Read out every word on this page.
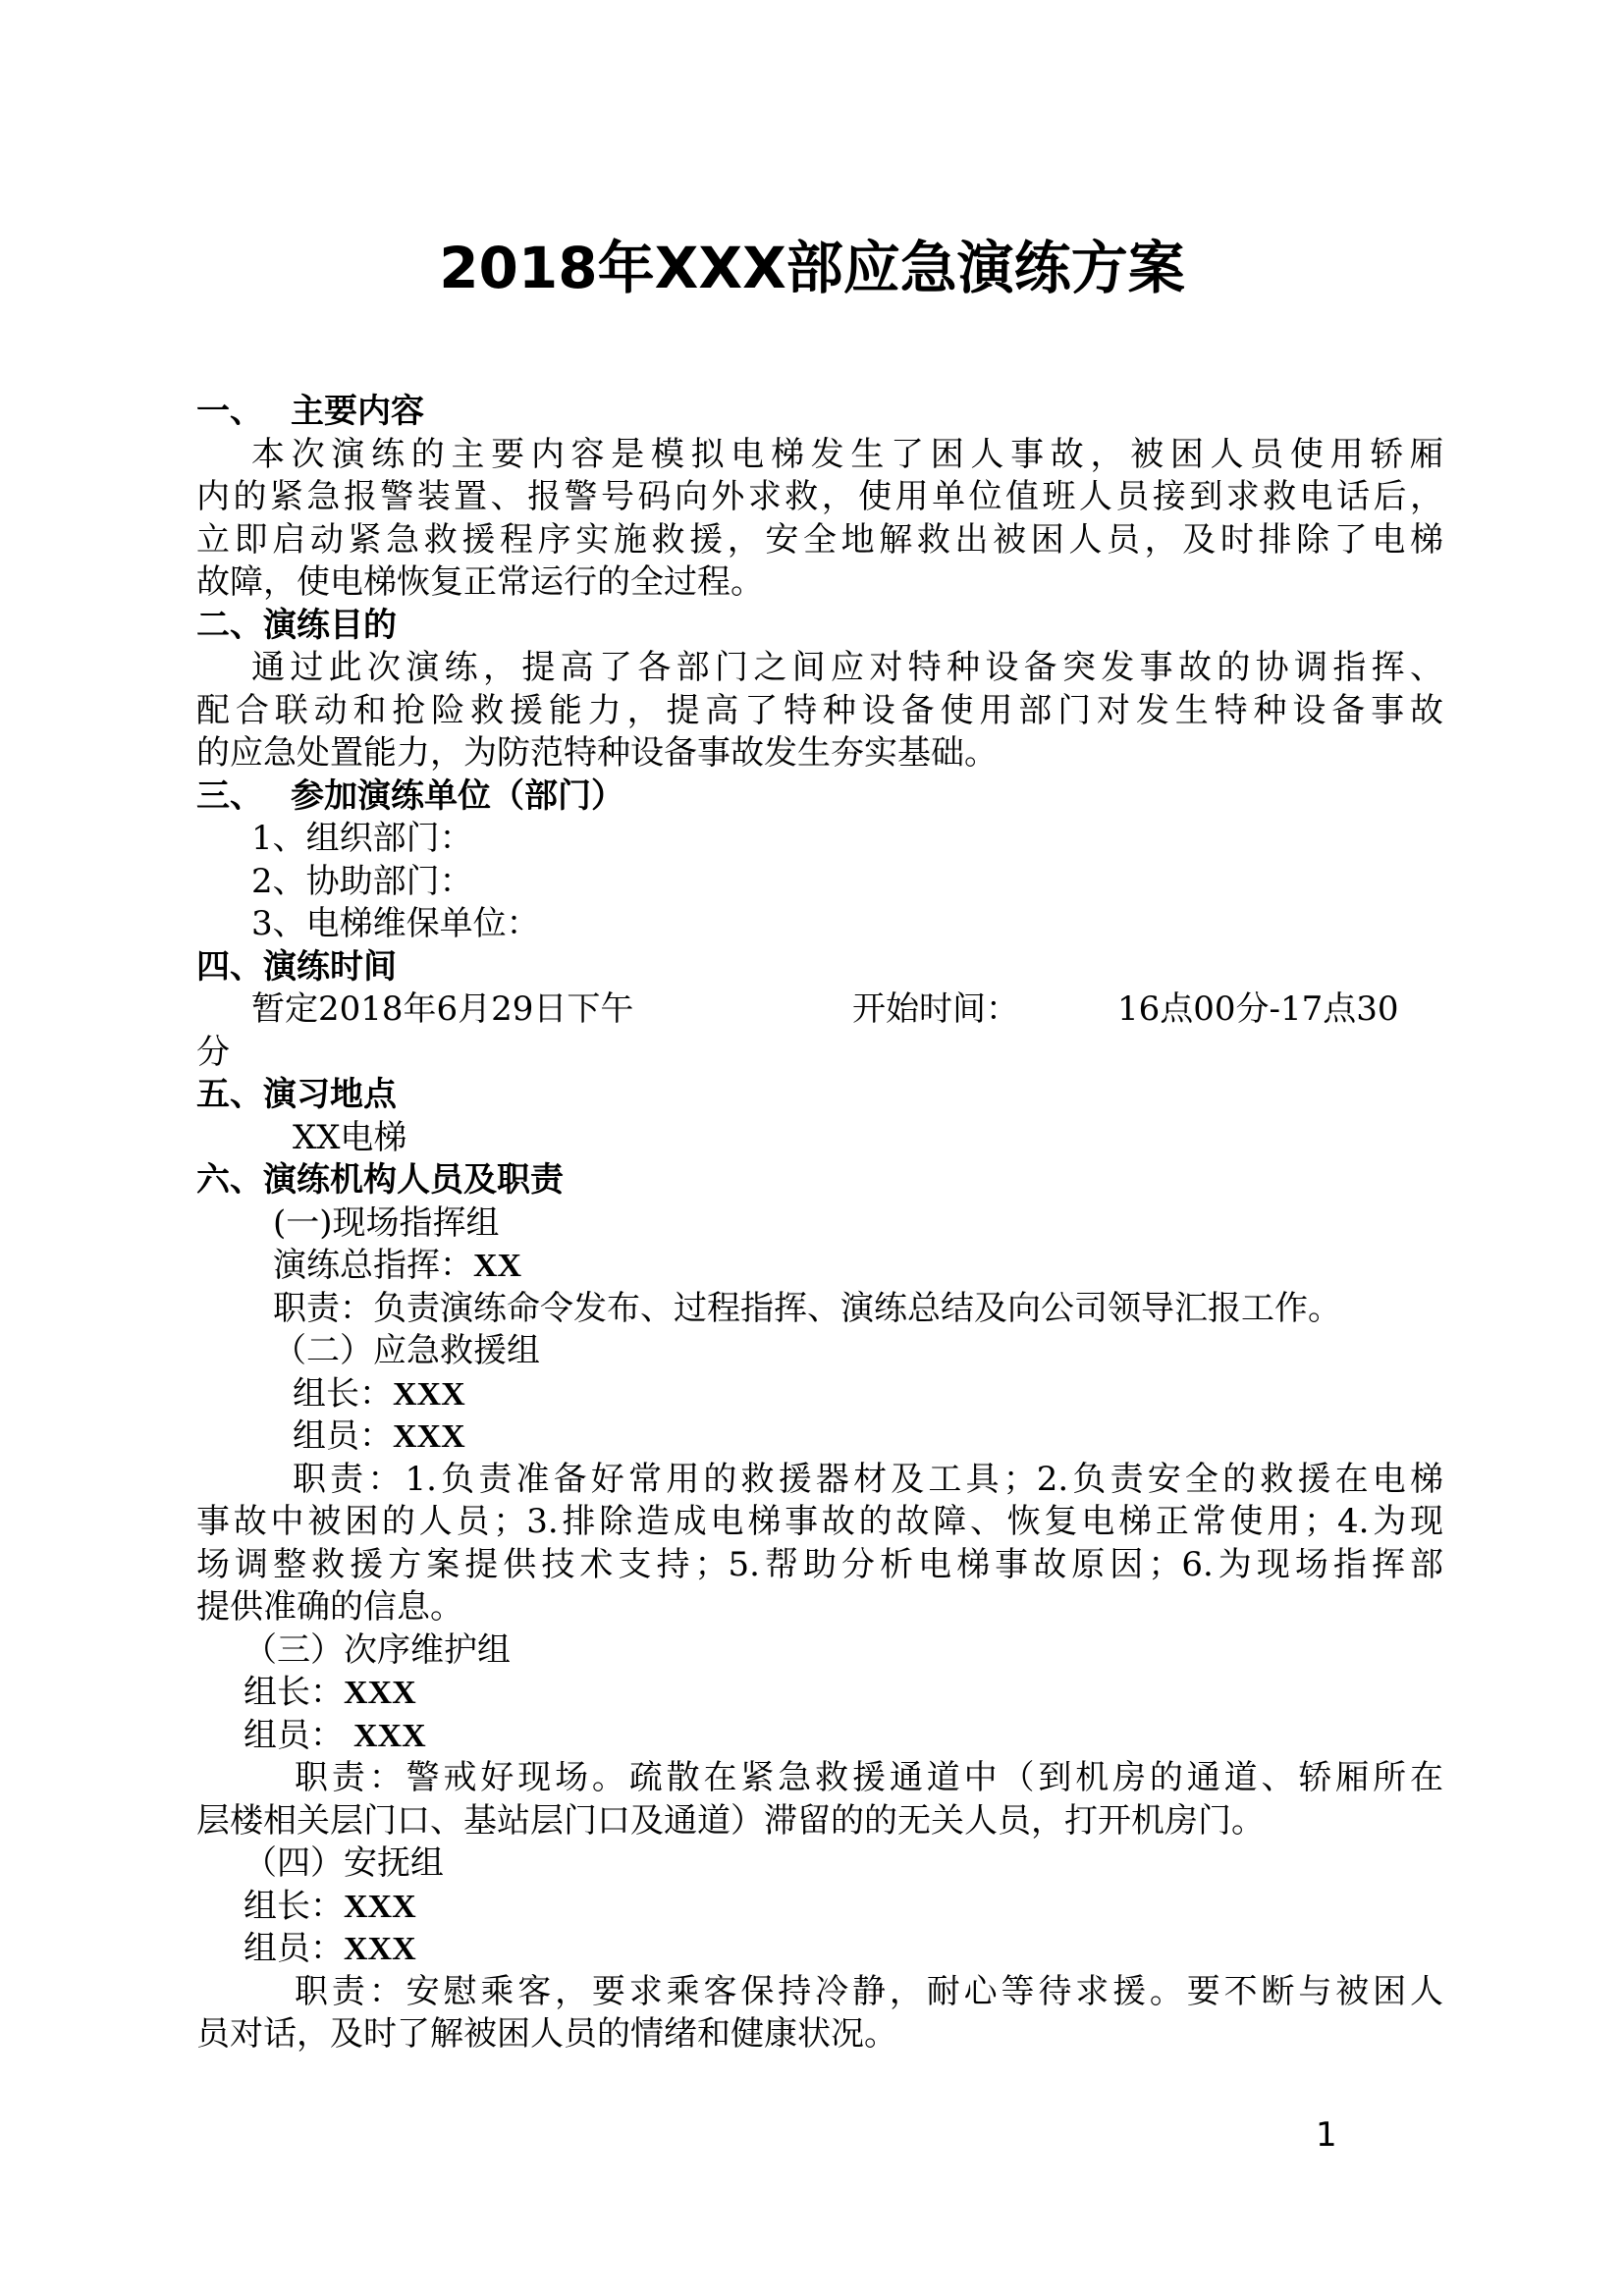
2018年XXX部应急演练方案
一、 主要内容
本次演练的主要内容是模拟电梯发生了困人事故，被困人员使用轿厢
内的紧急报警装置、报警号码向外求救，使用单位值班人员接到求救电话后，
立即启动紧急救援程序实施救援，安全地解救出被困人员，及时排除了电梯
故障，使电梯恢复正常运行的全过程。
二、演练目的
通过此次演练，提高了各部门之间应对特种设备突发事故的协调指挥、
配合联动和抢险救援能力，提高了特种设备使用部门对发生特种设备事故
的应急处置能力，为防范特种设备事故发生夯实基础。
三、 参加演练单位（部门）
1、组织部门：
2、协助部门：
3、电梯维保单位：
四、演练时间
暂定2018年6月29日下午	开始时间：	16点00分-17点30
分
五、演习地点
XX电梯
六、演练机构人员及职责
(一)现场指挥组
演练总指挥：XX
职责：负责演练命令发布、过程指挥、演练总结及向公司领导汇报工作。
（二）应急救援组
组长：XXX
组员：XXX
职责：1.负责准备好常用的救援器材及工具；2.负责安全的救援在电梯
事故中被困的人员；3.排除造成电梯事故的故障、恢复电梯正常使用；4.为现
场调整救援方案提供技术支持；5.帮助分析电梯事故原因；6.为现场指挥部
提供准确的信息。
（三）次序维护组
组长：XXX
组员： XXX
职责：警戒好现场。疏散在紧急救援通道中（到机房的通道、轿厢所在
层楼相关层门口、基站层门口及通道）滞留的的无关人员，打开机房门。
（四）安抚组
组长：XXX
组员：XXX
职责：安慰乘客，要求乘客保持冷静，耐心等待求援。要不断与被困人
员对话，及时了解被困人员的情绪和健康状况。
1
